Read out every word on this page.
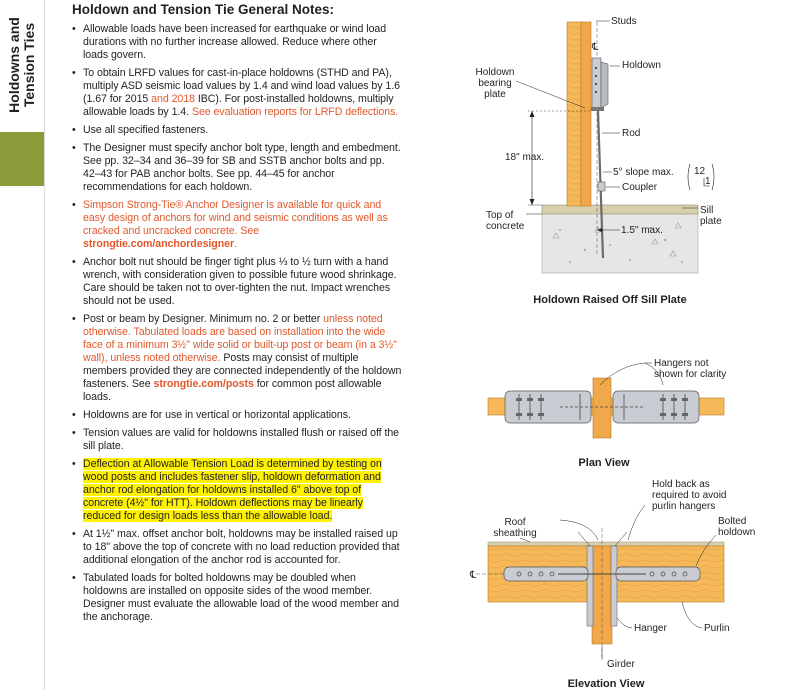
Holdowns and Tension Ties
Holdown and Tension Tie General Notes:
• Allowable loads have been increased for earthquake or wind load durations with no further increase allowed. Reduce where other loads govern.
• To obtain LRFD values for cast-in-place holdowns (STHD and PA), multiply ASD seismic load values by 1.4 and wind load values by 1.6 (1.67 for 2015 and 2018 IBC). For post-installed holdowns, multiply allowable loads by 1.4. See evaluation reports for LRFD deflections.
• Use all specified fasteners.
• The Designer must specify anchor bolt type, length and embedment. See pp. 32–34 and 36–39 for SB and SSTB anchor bolts and pp. 42–43 for PAB anchor bolts. See pp. 44–45 for anchor recommendations for each holdown.
• Simpson Strong-Tie® Anchor Designer is available for quick and easy design of anchors for wind and seismic conditions as well as cracked and uncracked concrete. See strongtie.com/anchordesigner.
• Anchor bolt nut should be finger tight plus ⅓ to ½ turn with a hand wrench, with consideration given to possible future wood shrinkage. Care should be taken not to over-tighten the nut. Impact wrenches should not be used.
• Post or beam by Designer. Minimum no. 2 or better unless noted otherwise. Tabulated loads are based on installation into the wide face of a minimum 3½" wide solid or built-up post or beam (in a 3½" wall), unless noted otherwise. Posts may consist of multiple members provided they are connected independently of the holdown fasteners. See strongtie.com/posts for common post allowable loads.
• Holdowns are for use in vertical or horizontal applications.
• Tension values are valid for holdowns installed flush or raised off the sill plate.
• Deflection at Allowable Tension Load is determined by testing on wood posts and includes fastener slip, holdown deformation and anchor rod elongation for holdowns installed 6" above top of concrete (4½" for HTT). Holdown deflections may be linearly reduced for design loads less than the allowable load.
• At 1½" max. offset anchor bolt, holdowns may be installed raised up to 18" above the top of concrete with no load reduction provided that additional elongation of the anchor rod is accounted for.
• Tabulated loads for bolted holdowns may be doubled when holdowns are installed on opposite sides of the wood member. Designer must evaluate the allowable load of the wood member and the anchorage.
℄
Studs
Holdown
Holdown bearing plate
Rod
18" max.
5° slope max. 12
1
Coupler
Sill plate
Top of concrete	1.5" max.
Holdown Raised Off Sill Plate
Hangers not shown for clarity
Plan View
℄
Hold back as required to avoid purlin hangers
Roof sheathing
Bolted holdown
Hanger	Purlin
Girder
Elevation View
